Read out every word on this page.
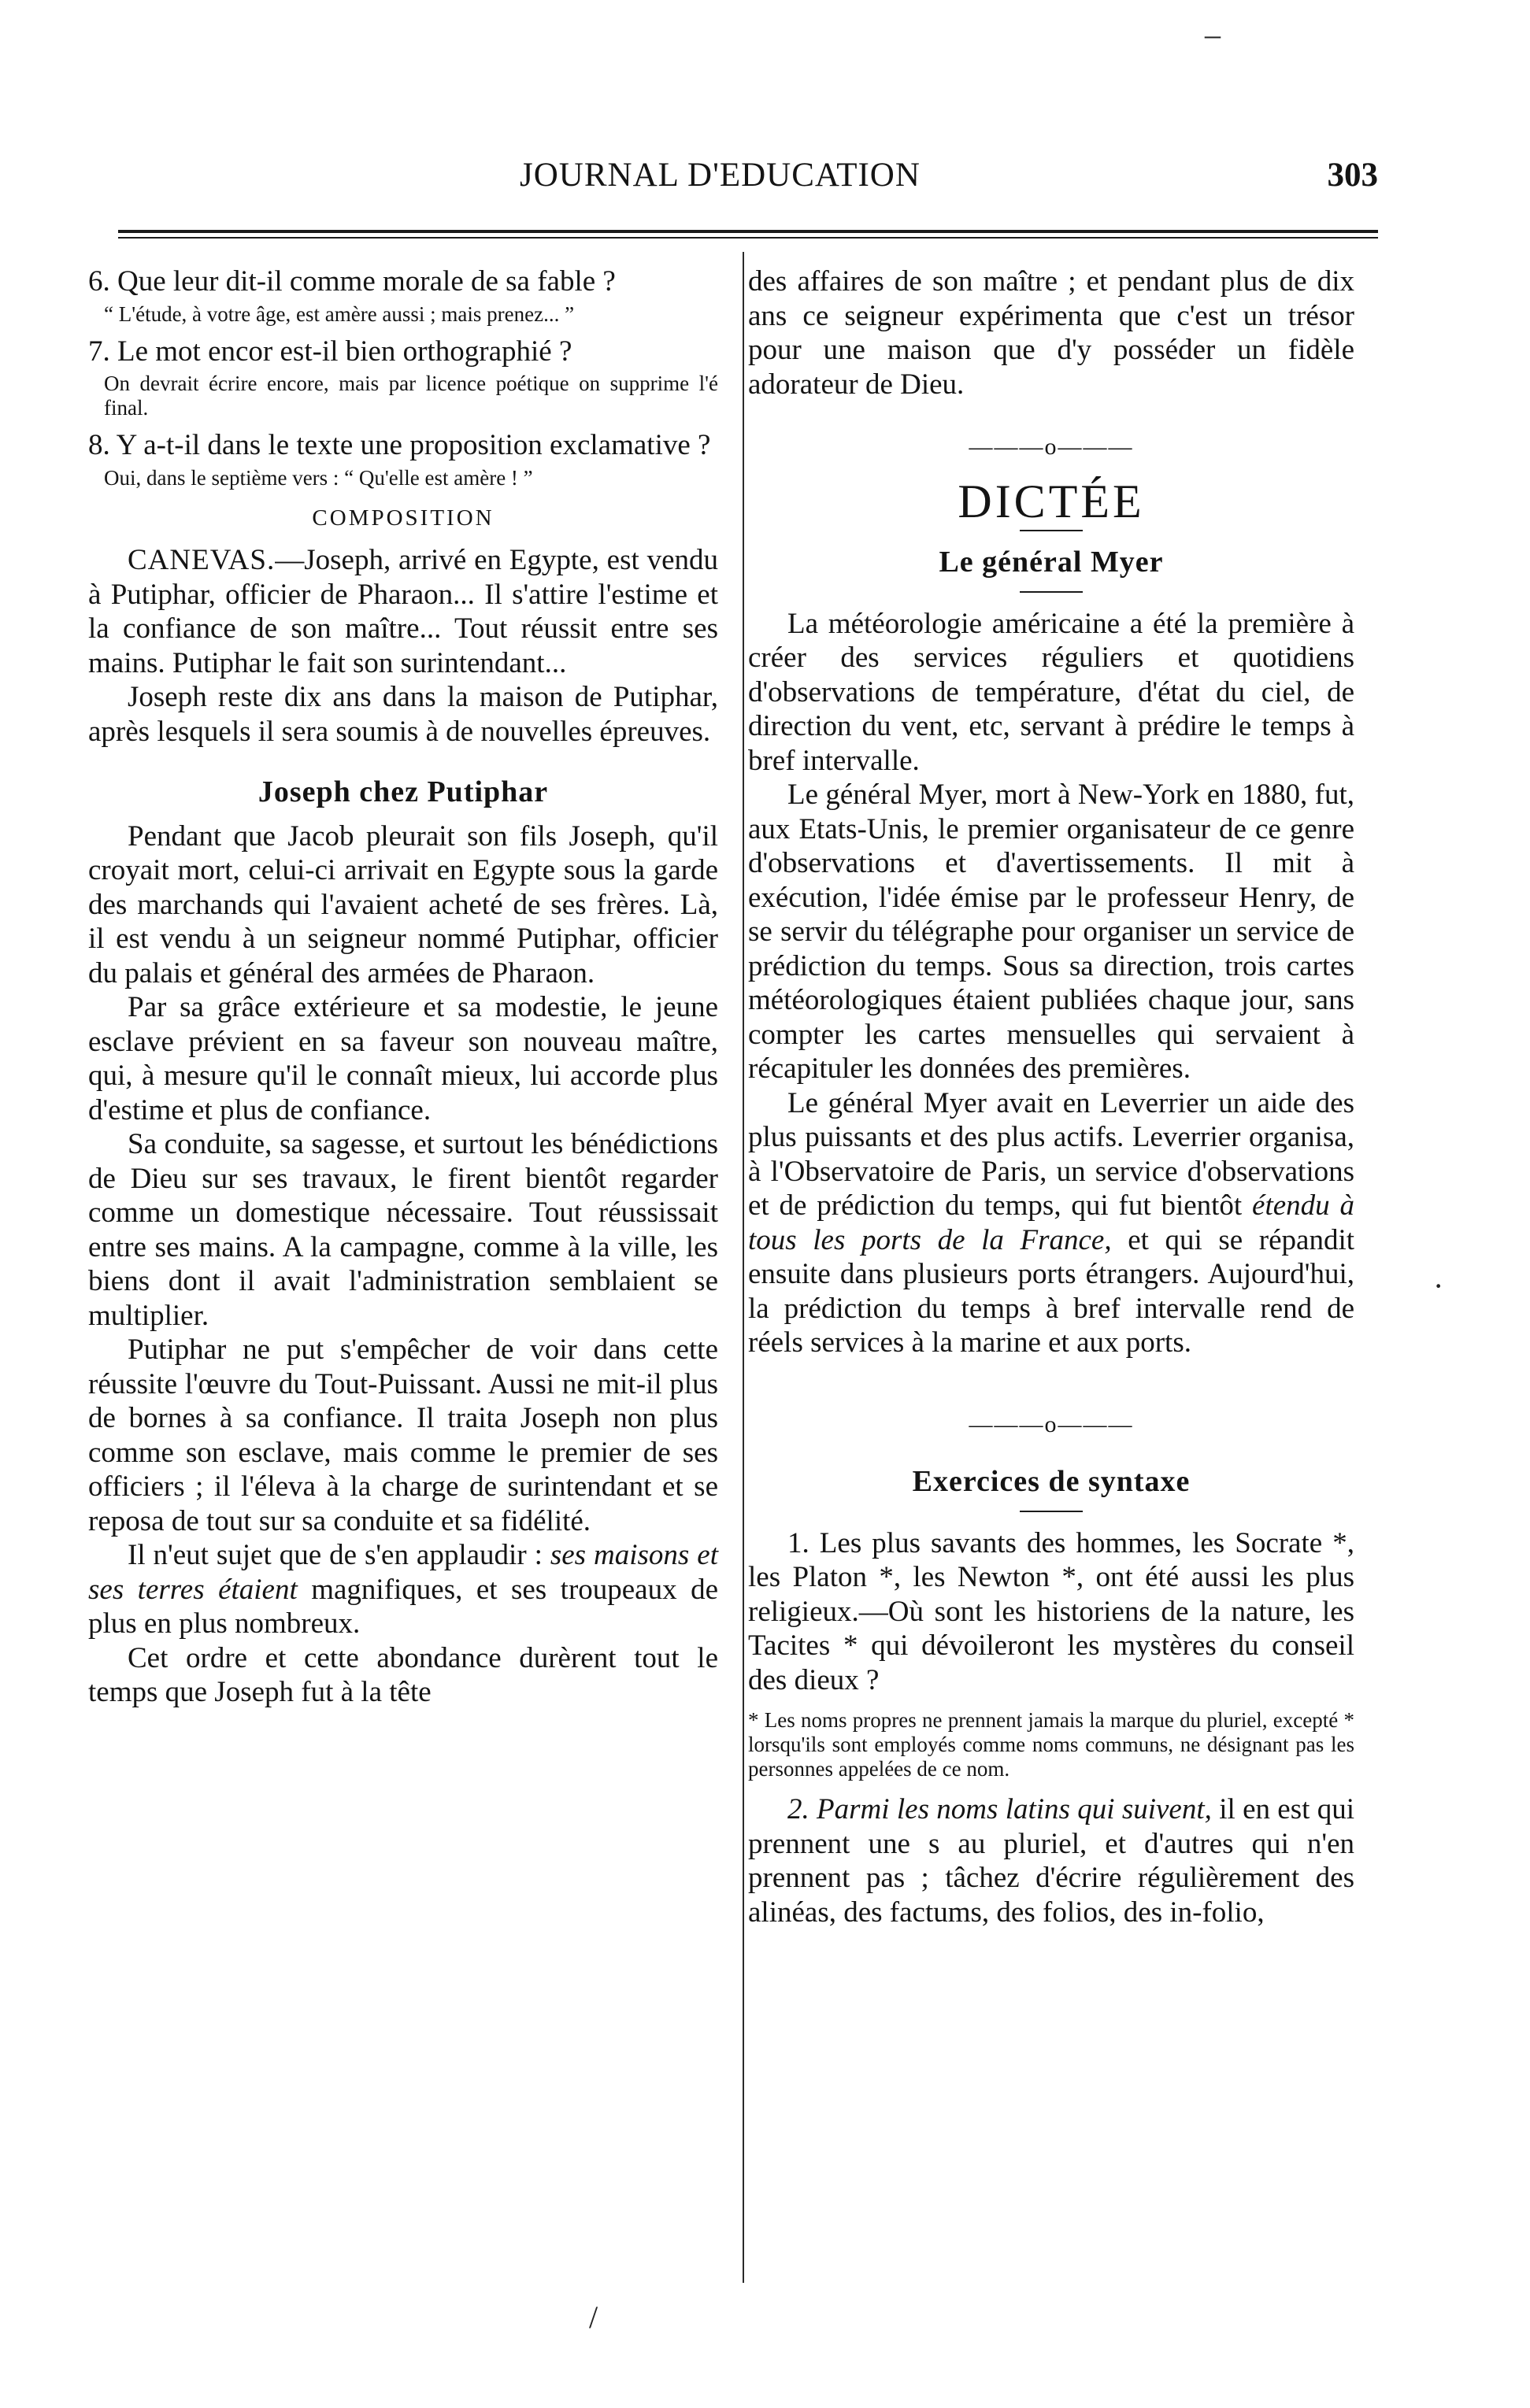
JOURNAL D'EDUCATION	303

6. Que leur dit-il comme morale de sa fable ?

“ L'étude, à votre âge, est amère aussi ; mais prenez... ”

7. Le mot encor est-il bien orthographié ?

On devrait écrire encore, mais par licence poétique on supprime l'é final.

8. Y a-t-il dans le texte une proposition exclamative ?

Oui, dans le septième vers : “ Qu'elle est amère ! ”

COMPOSITION

CANEVAS.—Joseph, arrivé en Egypte, est vendu à Putiphar, officier de Pharaon... Il s'attire l'estime et la confiance de son maître... Tout réussit entre ses mains. Putiphar le fait son surintendant...

Joseph reste dix ans dans la maison de Putiphar, après lesquels il sera soumis à de nouvelles épreuves.

Joseph chez Putiphar

Pendant que Jacob pleurait son fils Joseph, qu'il croyait mort, celui-ci arrivait en Egypte sous la garde des marchands qui l'avaient acheté de ses frères. Là, il est vendu à un seigneur nommé Putiphar, officier du palais et général des armées de Pharaon.

Par sa grâce extérieure et sa modestie, le jeune esclave prévient en sa faveur son nouveau maître, qui, à mesure qu'il le connaît mieux, lui accorde plus d'estime et plus de confiance.

Sa conduite, sa sagesse, et surtout les bénédictions de Dieu sur ses travaux, le firent bientôt regarder comme un domestique nécessaire. Tout réussissait entre ses mains. A la campagne, comme à la ville, les biens dont il avait l'administration semblaient se multiplier.

Putiphar ne put s'empêcher de voir dans cette réussite l'œuvre du Tout-Puissant. Aussi ne mit-il plus de bornes à sa confiance. Il traita Joseph non plus comme son esclave, mais comme le premier de ses officiers ; il l'éleva à la charge de surintendant et se reposa de tout sur sa conduite et sa fidélité.

Il n'eut sujet que de s'en applaudir : ses maisons et ses terres étaient magnifiques, et ses troupeaux de plus en plus nombreux.

Cet ordre et cette abondance durèrent tout le temps que Joseph fut à la tête

des affaires de son maître ; et pendant plus de dix ans ce seigneur expérimenta que c'est un trésor pour une maison que d'y posséder un fidèle adorateur de Dieu.

———o———
DICTÉE
Le général Myer

La météorologie américaine a été la première à créer des services réguliers et quotidiens d'observations de température, d'état du ciel, de direction du vent, etc, servant à prédire le temps à bref intervalle.

Le général Myer, mort à New-York en 1880, fut, aux Etats-Unis, le premier organisateur de ce genre d'observations et d'avertissements. Il mit à exécution, l'idée émise par le professeur Henry, de se servir du télégraphe pour organiser un service de prédiction du temps. Sous sa direction, trois cartes météorologiques étaient publiées chaque jour, sans compter les cartes mensuelles qui servaient à récapituler les données des premières.

Le général Myer avait en Leverrier un aide des plus puissants et des plus actifs. Leverrier organisa, à l'Observatoire de Paris, un service d'observations et de prédiction du temps, qui fut bientôt étendu à tous les ports de la France, et qui se répandit ensuite dans plusieurs ports étrangers. Aujourd'hui, la prédiction du temps à bref intervalle rend de réels services à la marine et aux ports.

———o———
Exercices de syntaxe

1. Les plus savants des hommes, les Socrate *, les Platon *, les Newton *, ont été aussi les plus religieux.—Où sont les historiens de la nature, les Tacites * qui dévoileront les mystères du conseil des dieux ?

* Les noms propres ne prennent jamais la marque du pluriel, excepté * lorsqu'ils sont employés comme noms communs, ne désignant pas les personnes appelées de ce nom.

2. Parmi les noms latins qui suivent, il en est qui prennent une s au pluriel, et d'autres qui n'en prennent pas ; tâchez d'écrire régulièrement des alinéas, des factums, des folios, des in-folio,

–
·
/
